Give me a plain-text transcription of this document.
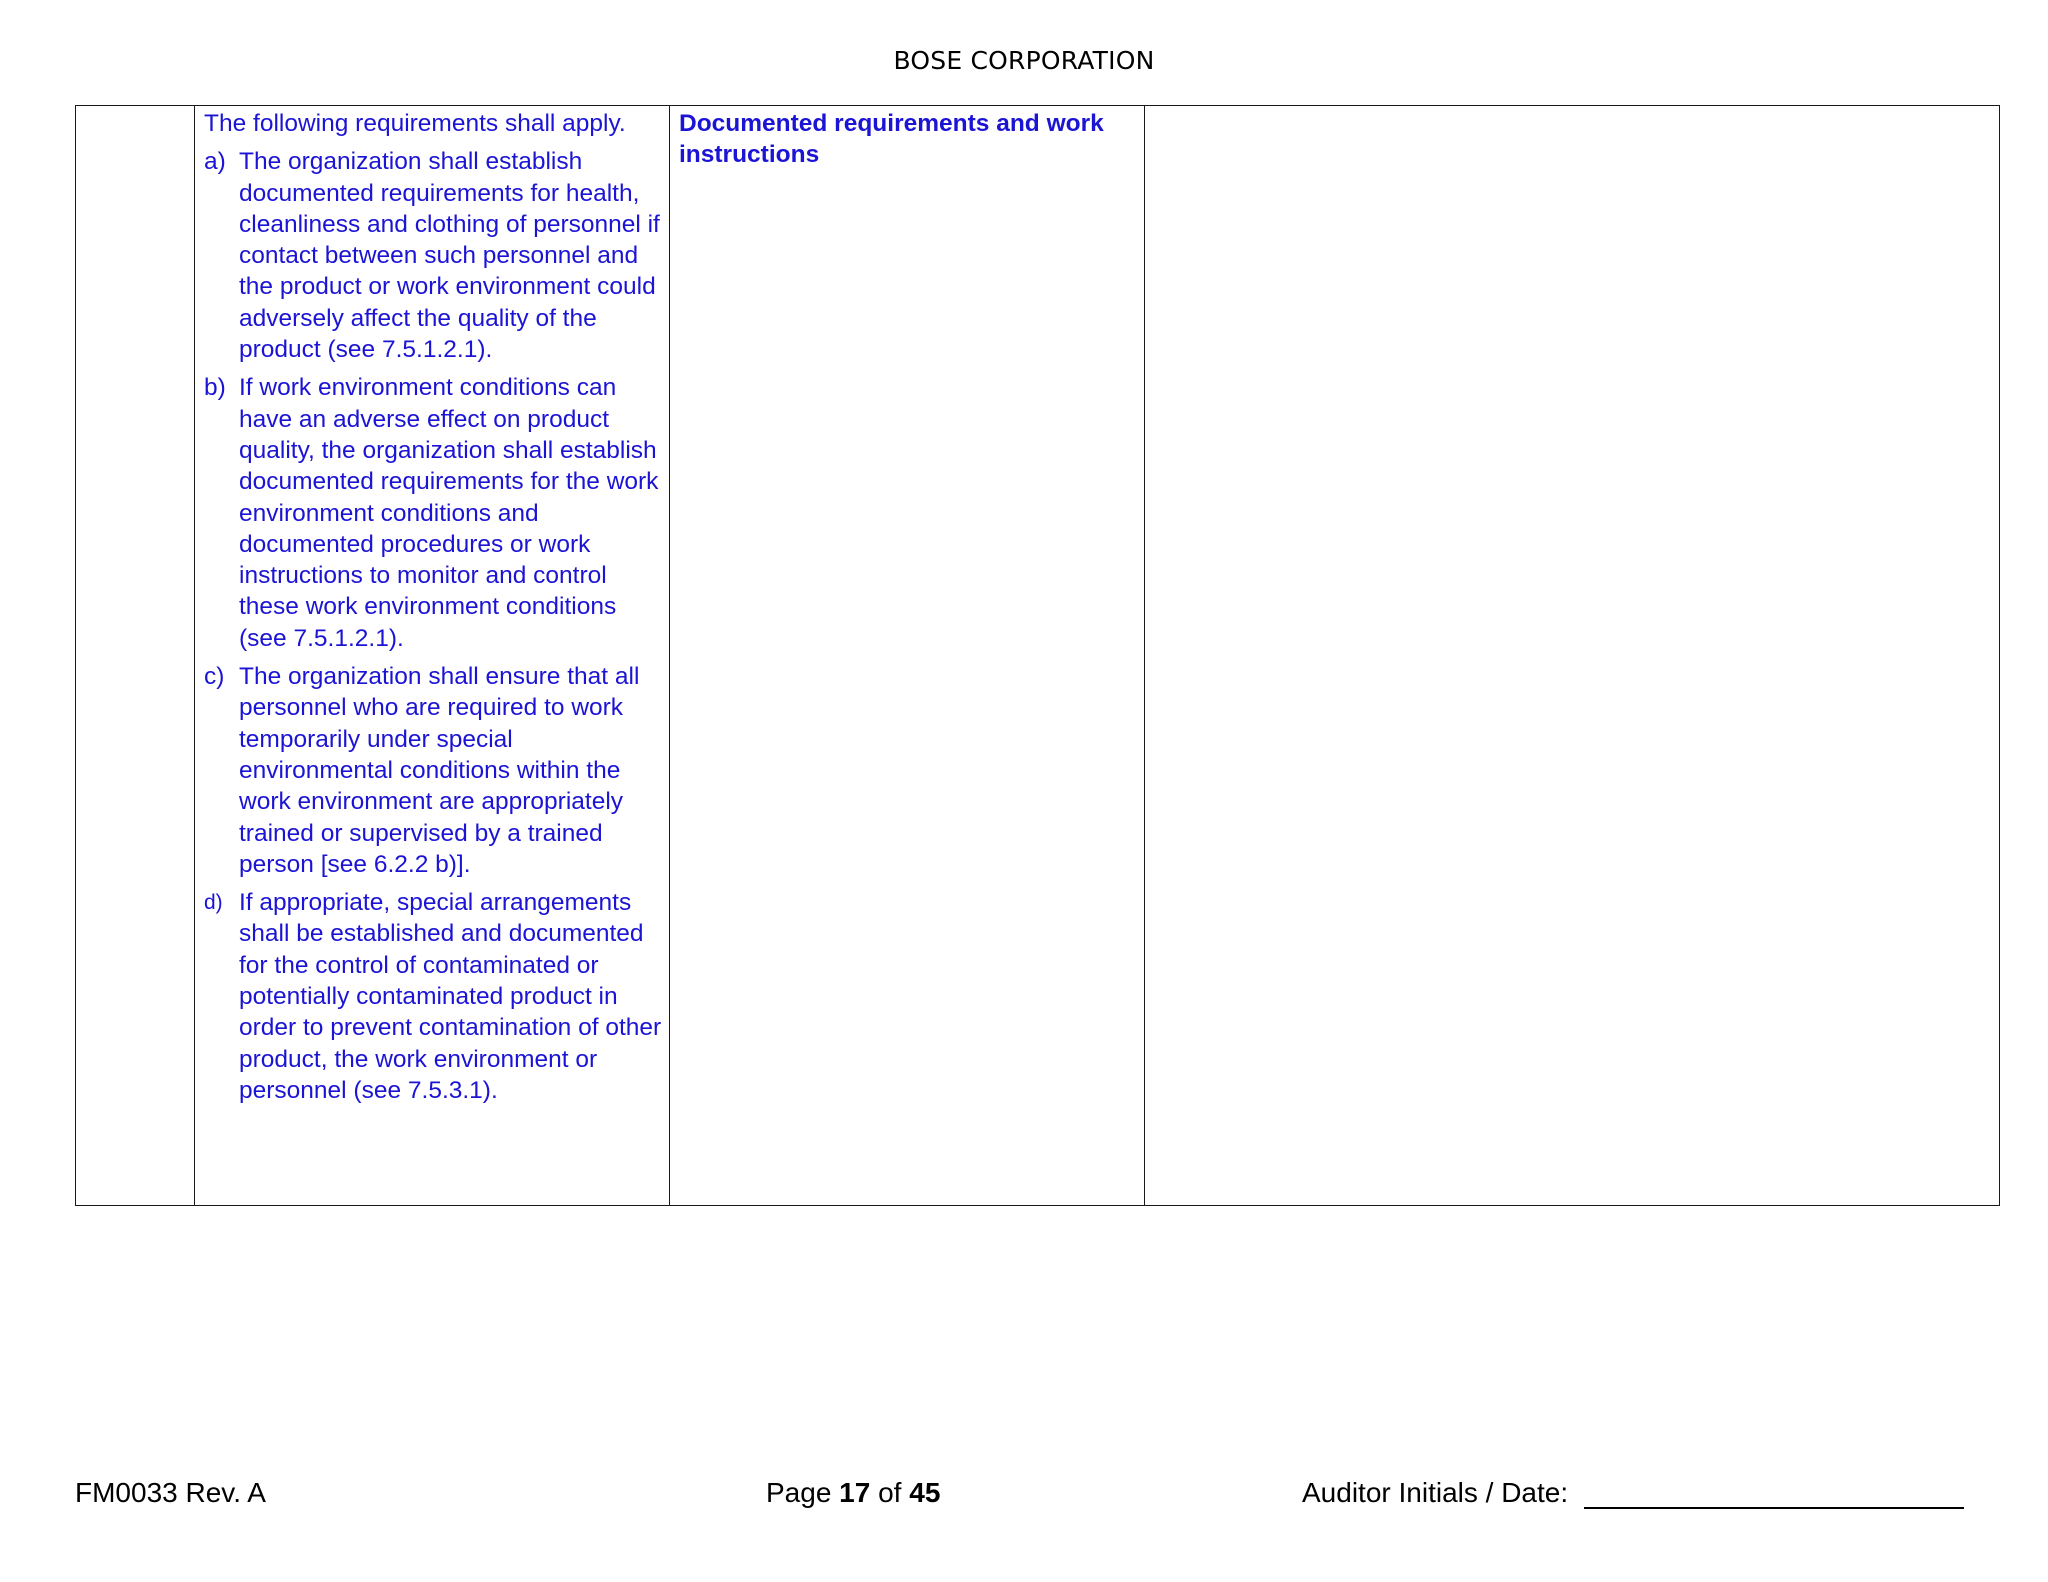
BOSE CORPORATION

The following requirements shall apply.

a) The organization shall establish documented requirements for health, cleanliness and clothing of personnel if contact between such personnel and the product or work environment could adversely affect the quality of the product (see 7.5.1.2.1).
b) If work environment conditions can have an adverse effect on product quality, the organization shall establish documented requirements for the work environment conditions and documented procedures or work instructions to monitor and control these work environment conditions (see 7.5.1.2.1).
c) The organization shall ensure that all personnel who are required to work temporarily under special environmental conditions within the work environment are appropriately trained or supervised by a trained person [see 6.2.2 b)].
d) If appropriate, special arrangements shall be established and documented for the control of contaminated or potentially contaminated product in order to prevent contamination of other product, the work environment or personnel (see 7.5.3.1).

Documented requirements and work instructions

FM0033 Rev. A	Page 17 of 45	Auditor Initials / Date:
